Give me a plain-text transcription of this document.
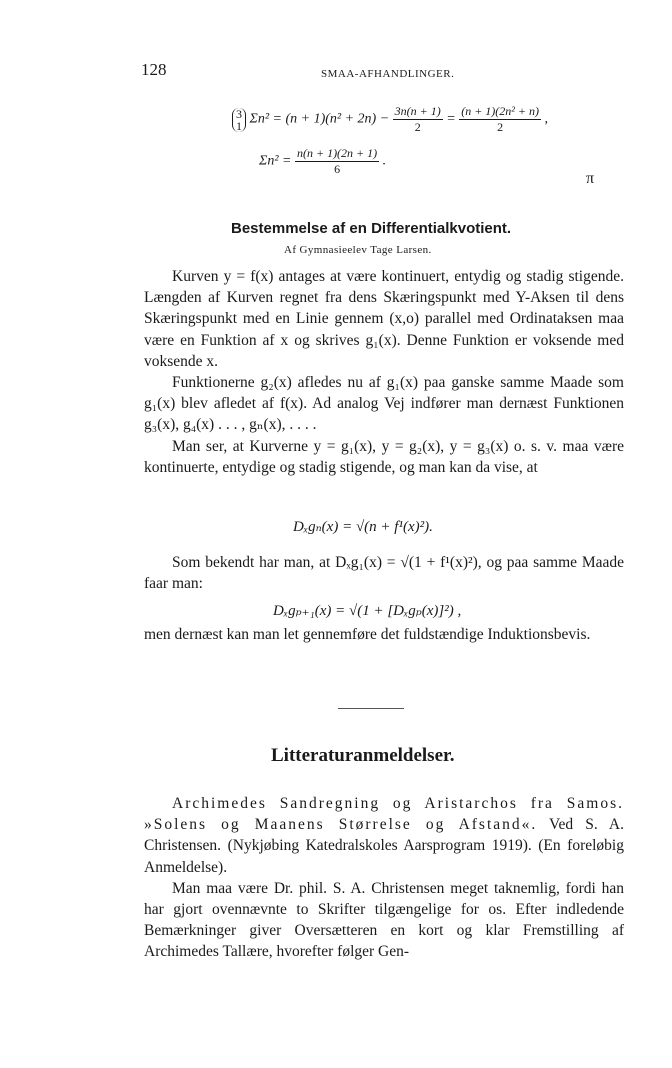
128	SMAA-AFHANDLINGER.
3
1 $\Sigma n^2 = (n + 1)(n^2 + 2n) - \frac{3n(n + 1)}{2} = \frac{\text{(n + 1)(2n² + n)}}{2}$ ,
$\Sigma n^2 = \frac{n(n + 1)(2n + 1)}{6}$ .
π
Bestemmelse af en Differentialkvotient.
Af Gymnasieelev Tage Larsen.

Kurven y = f(x) antages at være kontinuert, entydig og stadig stigende. Længden af Kurven regnet fra dens Skæringspunkt med Y-Aksen til dens Skæringspunkt med en Linie gennem (x,o) parallel med Ordinataksen maa være en Funktion af x og skrives g₁(x). Denne Funktion er voksende med voksende x.

Funktionerne g₂(x) afledes nu af g₁(x) paa ganske samme Maade som g₁(x) blev afledet af f(x). Ad analog Vej indfører man dernæst Funktionen g₃(x), g₄(x) . . . , gₙ(x), . . . .

Man ser, at Kurverne y = g₁(x), y = g₂(x), y = g₃(x) o. s. v. maa være kontinuerte, entydige og stadig stigende, og man kan da vise, at

Dₓgₙ(x) = √(n + f¹(x)²).

Som bekendt har man, at Dₓg₁(x) = √(1 + f¹(x)²), og paa samme Maade faar man:

Dₓgₚ₊₁(x) = √(1 + [Dₓgₚ(x)]²) ,

men dernæst kan man let gennemføre det fuldstændige Induktionsbevis.

Litteraturanmeldelser.

Archimedes Sandregning og Aristarchos fra Samos. »Solens og Maanens Størrelse og Afstand«. Ved S. A. Christensen. (Nykjøbing Katedralskoles Aarsprogram 1919). (En foreløbig Anmeldelse).

Man maa være Dr. phil. S. A. Christensen meget taknemlig, fordi han har gjort ovennævnte to Skrifter tilgængelige for os. Efter indledende Bemærkninger giver Oversætteren en kort og klar Fremstilling af Archimedes Tallære, hvorefter følger Gen-
